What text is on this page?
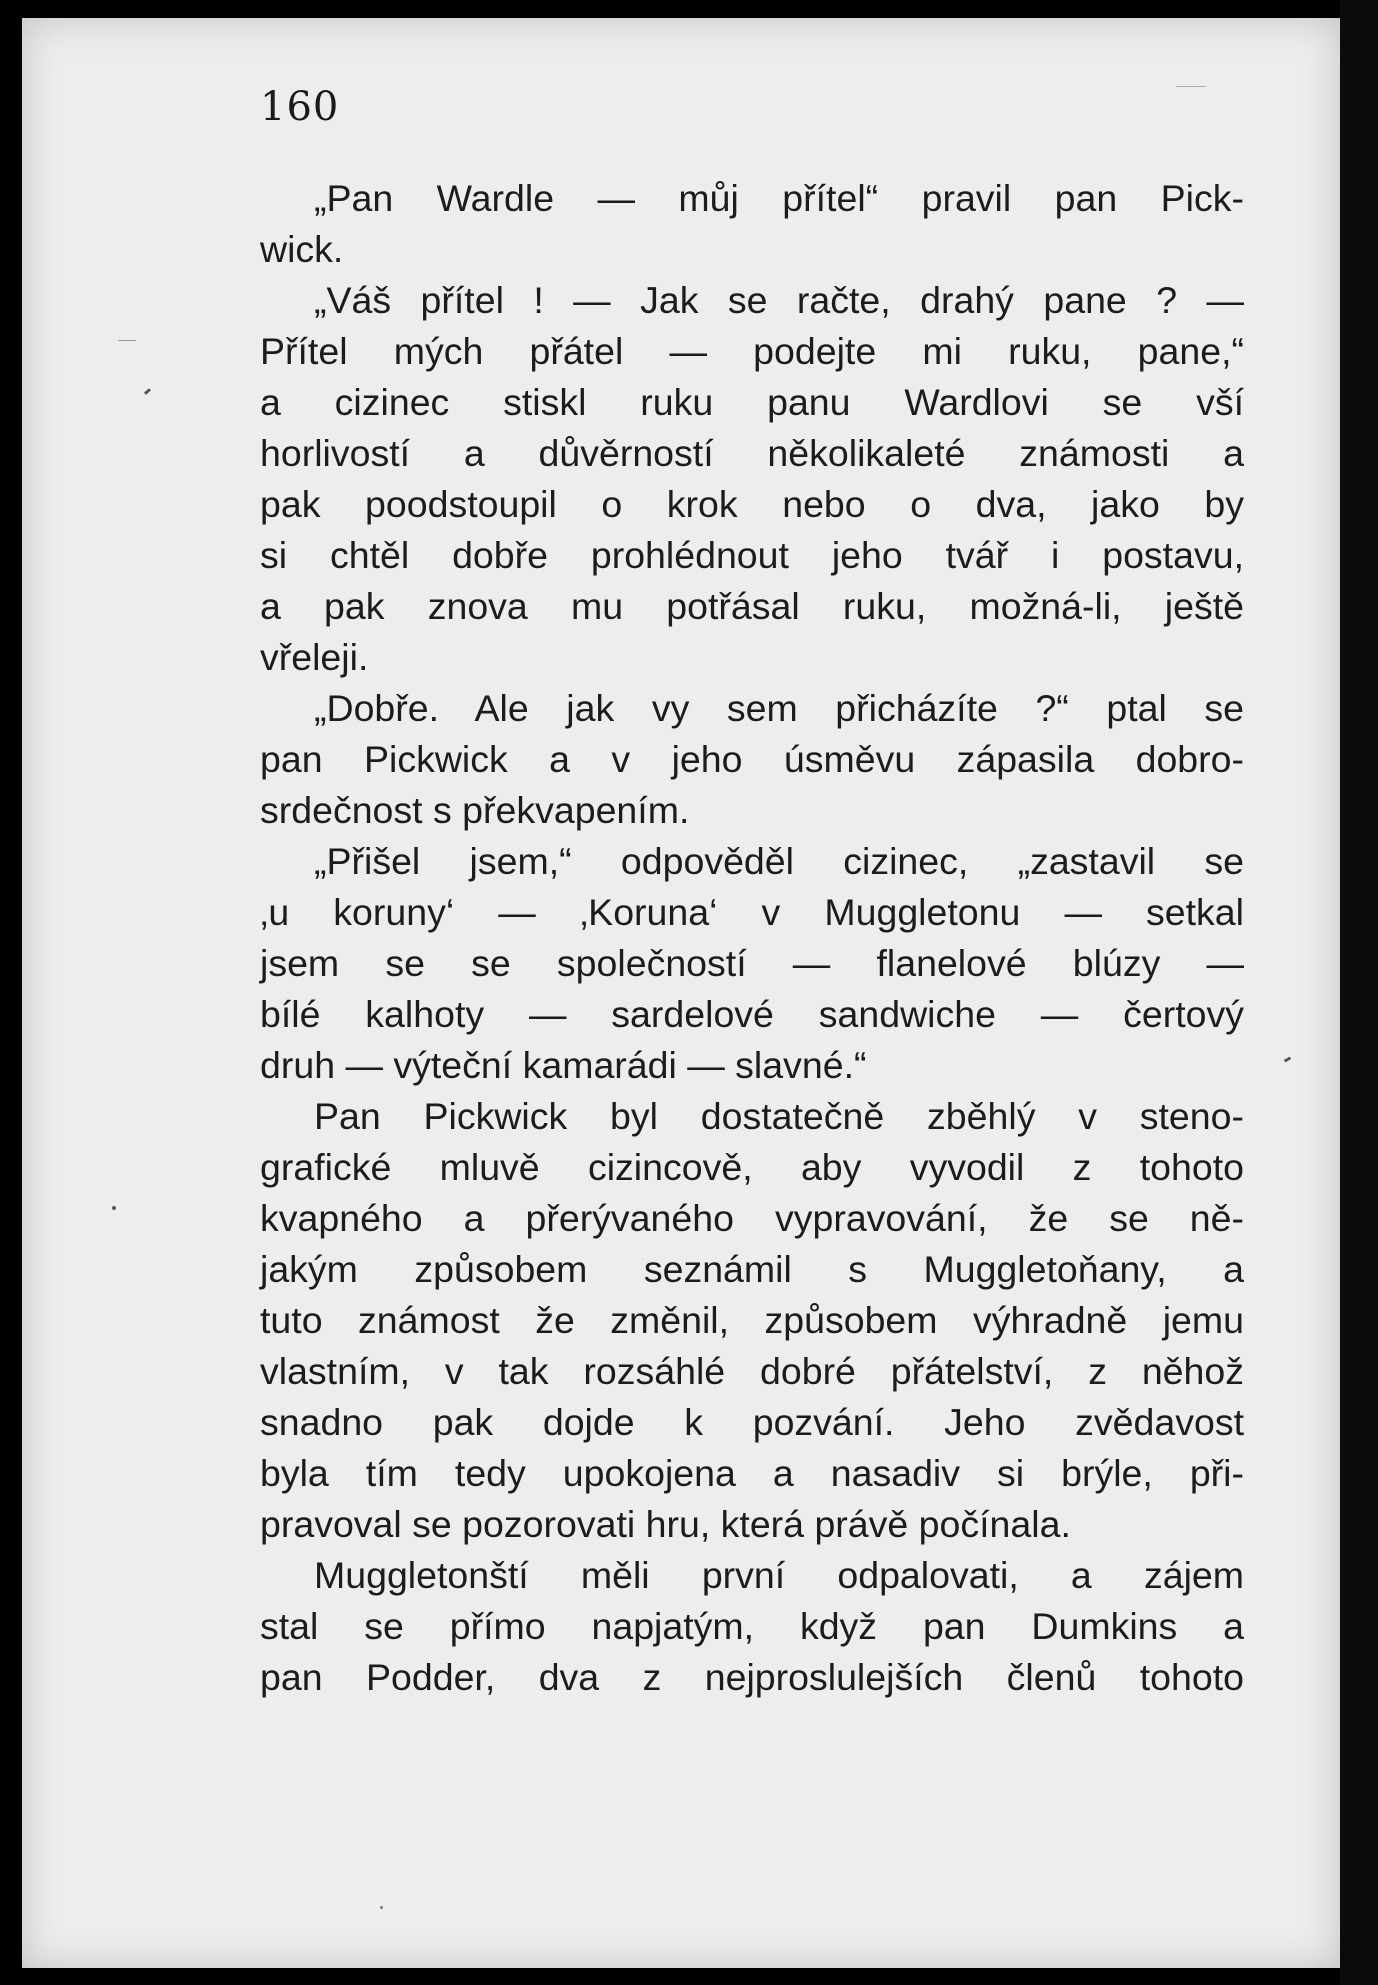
160
„Pan Wardle — můj přítel“ pravil pan Pick-
wick.
„Váš přítel ! — Jak se račte, drahý pane ? —
Přítel mých přátel — podejte mi ruku, pane,“
a cizinec stiskl ruku panu Wardlovi se vší
horlivostí a důvěrností několikaleté známosti a
pak poodstoupil o krok nebo o dva, jako by
si chtěl dobře prohlédnout jeho tvář i postavu,
a pak znova mu potřásal ruku, možná-li, ještě
vřeleji.
„Dobře. Ale jak vy sem přicházíte ?“ ptal se
pan Pickwick a v jeho úsměvu zápasila dobro-
srdečnost s překvapením.
„Přišel jsem,“ odpověděl cizinec, „zastavil se
‚u koruny‘ — ‚Koruna‘ v Muggletonu — setkal
jsem se se společností — flanelové blúzy —
bílé kalhoty — sardelové sandwiche — čertový
druh — výteční kamarádi — slavné.“
Pan Pickwick byl dostatečně zběhlý v steno-
grafické mluvě cizincově, aby vyvodil z tohoto
kvapného a přerývaného vypravování, že se ně-
jakým způsobem seznámil s Muggletoňany, a
tuto známost že změnil, způsobem výhradně jemu
vlastním, v tak rozsáhlé dobré přátelství, z něhož
snadno pak dojde k pozvání. Jeho zvědavost
byla tím tedy upokojena a nasadiv si brýle, při-
pravoval se pozorovati hru, která právě počínala.
Muggletonští měli první odpalovati, a zájem
stal se přímo napjatým, když pan Dumkins a
pan Podder, dva z nejproslulejších členů tohoto
